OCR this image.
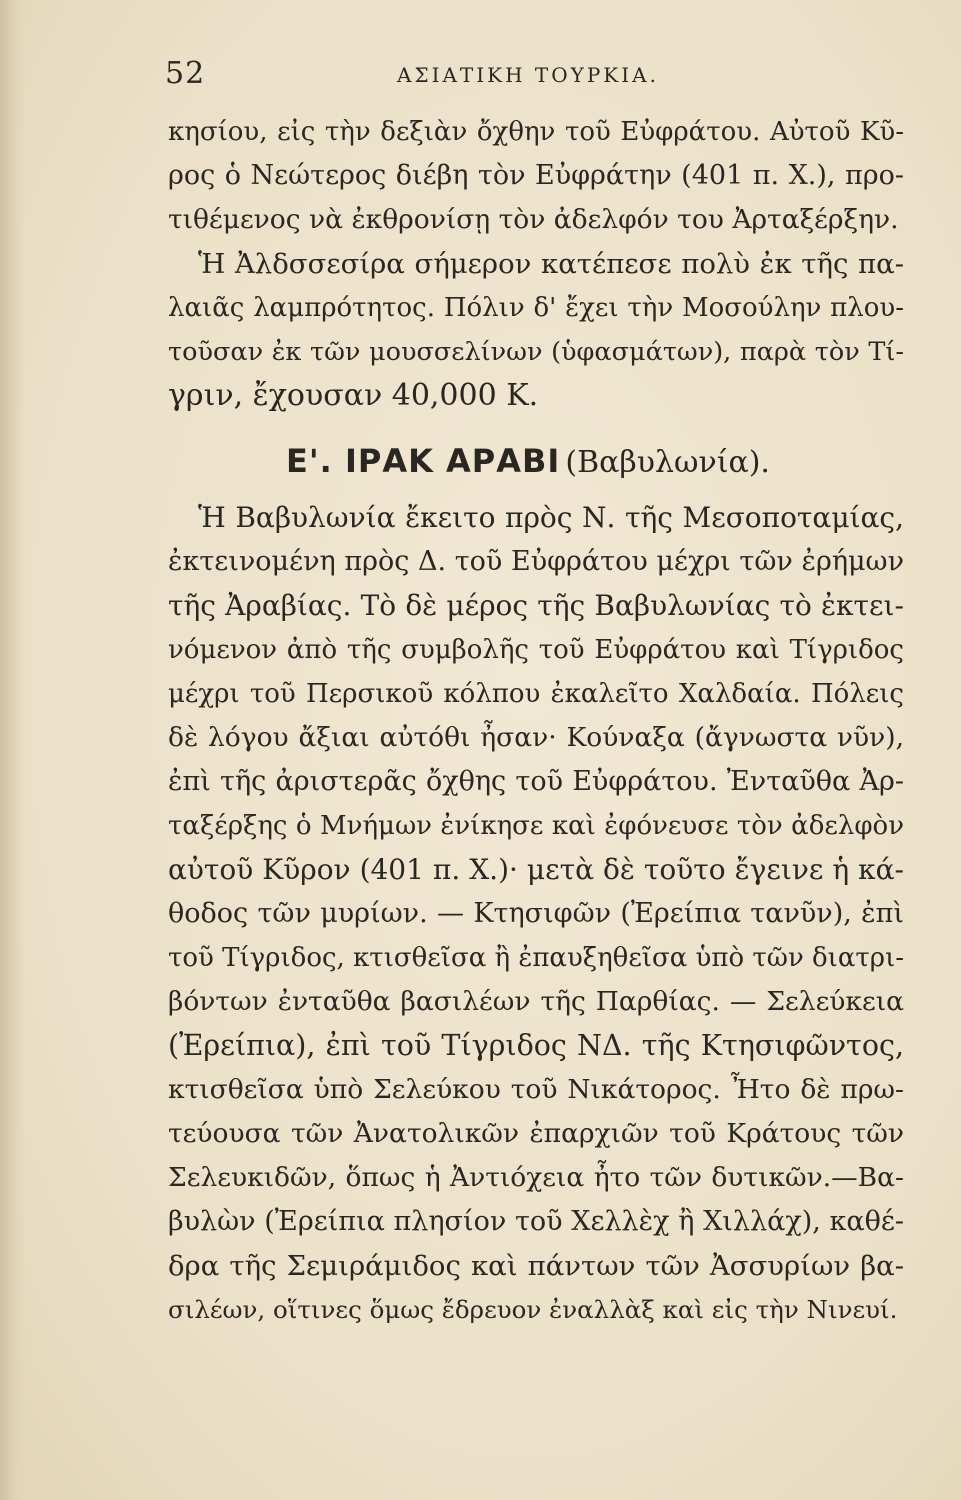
52	ΑΣΙΑΤΙΚΗ ΤΟΥΡΚΙΑ.
κησίου, εἰς τὴν δεξιὰν ὄχθην τοῦ Εὐφράτου. Αὐτοῦ Κῦ-
ρος ὁ Νεώτερος διέβη τὸν Εὐφράτην (401 π. Χ.), προ-
τιθέμενος νὰ ἐκθρονίσῃ τὸν ἀδελφόν του Ἀρταξέρξην.
Ἡ Ἀλδσσεσίρα σήμερον κατέπεσε πολὺ ἐκ τῆς πα-
λαιᾶς λαμπρότητος. Πόλιν δ' ἔχει τὴν Μοσούλην πλου-
τοῦσαν ἐκ τῶν μουσσελίνων (ὑφασμάτων), παρὰ τὸν Τί-
γριν, ἔχουσαν 40,000 Κ.
Ε'. ΙΡΑΚ ΑΡΑΒΙ (Βαβυλωνία).
Ἡ Βαβυλωνία ἔκειτο πρὸς Ν. τῆς Μεσοποταμίας,
ἐκτεινομένη πρὸς Δ. τοῦ Εὐφράτου μέχρι τῶν ἐρήμων
τῆς Ἀραβίας. Τὸ δὲ μέρος τῆς Βαβυλωνίας τὸ ἐκτει-
νόμενον ἀπὸ τῆς συμβολῆς τοῦ Εὐφράτου καὶ Τίγριδος
μέχρι τοῦ Περσικοῦ κόλπου ἐκαλεῖτο Χαλδαία. Πόλεις
δὲ λόγου ἄξιαι αὐτόθι ἦσαν· Κούναξα (ἄγνωστα νῦν),
ἐπὶ τῆς ἀριστερᾶς ὄχθης τοῦ Εὐφράτου. Ἐνταῦθα Ἀρ-
ταξέρξης ὁ Μνήμων ἐνίκησε καὶ ἐφόνευσε τὸν ἀδελφὸν
αὐτοῦ Κῦρον (401 π. Χ.)· μετὰ δὲ τοῦτο ἔγεινε ἡ κά-
θοδος τῶν μυρίων. — Κτησιφῶν (Ἐρείπια τανῦν), ἐπὶ
τοῦ Τίγριδος, κτισθεῖσα ἢ ἐπαυξηθεῖσα ὑπὸ τῶν διατρι-
βόντων ἐνταῦθα βασιλέων τῆς Παρθίας. — Σελεύκεια
(Ἐρείπια), ἐπὶ τοῦ Τίγριδος ΝΔ. τῆς Κτησιφῶντος,
κτισθεῖσα ὑπὸ Σελεύκου τοῦ Νικάτορος. Ἦτο δὲ πρω-
τεύουσα τῶν Ἀνατολικῶν ἐπαρχιῶν τοῦ Κράτους τῶν
Σελευκιδῶν, ὅπως ἡ Ἀντιόχεια ἦτο τῶν δυτικῶν.—Βα-
βυλὼν (Ἐρείπια πλησίον τοῦ Χελλὲχ ἢ Χιλλάχ), καθέ-
δρα τῆς Σεμιράμιδος καὶ πάντων τῶν Ἀσσυρίων βα-
σιλέων, οἵτινες ὅμως ἔδρευον ἐναλλὰξ καὶ εἰς τὴν Νινευί.
